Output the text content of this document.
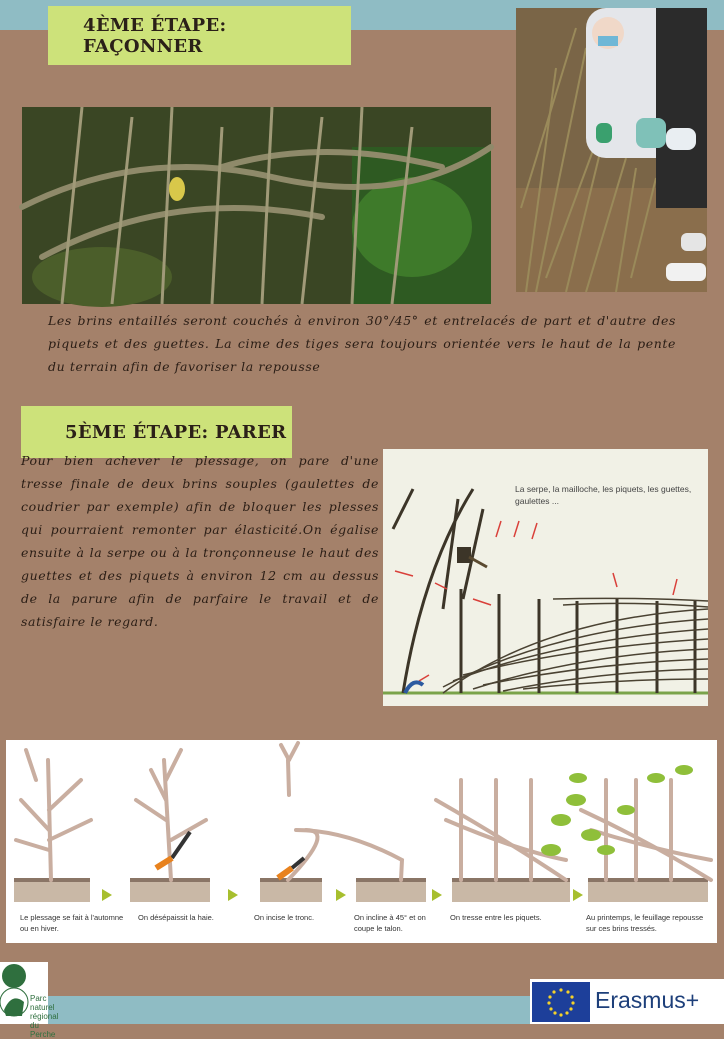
4ÈME ÉTAPE: FAÇONNER
Les brins entaillés seront couchés à environ 30°/45° et entrelacés de part et d'autre des piquets et des guettes. La cime des tiges sera toujours orientée vers le haut de la pente du terrain afin de favoriser la repousse
5ÈME ÉTAPE: PARER
Pour bien achever le plessage, on pare d'une tresse finale de deux brins souples (gaulettes de coudrier par exemple) afin de bloquer les plesses qui pourraient remonter par élasticité.On égalise ensuite à la serpe ou à la tronçonneuse le haut des guettes et des piquets à environ 12 cm au dessus de la parure afin de parfaire le travail et de satisfaire le regard.
La serpe, la mailloche, les piquets, les guettes, gaulettes ...
Le plessage se fait à l'automne ou en hiver.
On désépaissit la haie.	On incise le tronc.	On incline à 45° et on coupe le talon.
On tresse entre les piquets.	Au printemps, le feuillage repousse sur ces brins tressés.
Parc naturel régional du Perche
Erasmus+
